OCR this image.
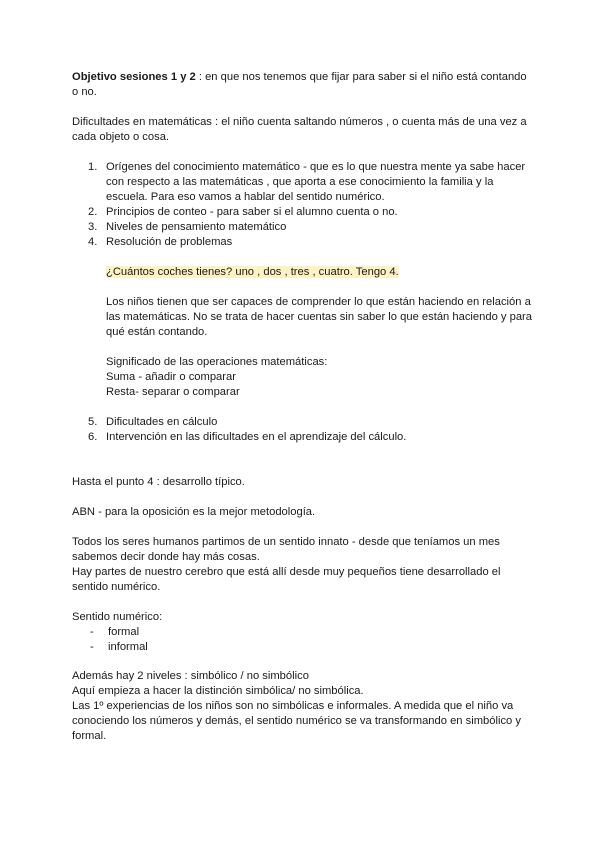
Objetivo sesiones 1 y 2 : en que nos tenemos que fijar para saber si el niño está contando o no.

Dificultades en matemáticas : el niño cuenta saltando números , o cuenta más de una vez a cada objeto o cosa.

1. Orígenes del conocimiento matemático - que es lo que nuestra mente ya sabe hacer con respecto a las matemáticas , que aporta a ese conocimiento la familia y la escuela. Para eso vamos a hablar del sentido numérico.
2. Principios de conteo - para saber si el alumno cuenta o no.
3. Niveles de pensamiento matemático
4. Resolución de problemas

¿Cuántos coches tienes? uno , dos , tres , cuatro. Tengo 4.

Los niños tienen que ser capaces de comprender lo que están haciendo en relación a las matemáticas. No se trata de hacer cuentas sin saber lo que están haciendo y para qué están contando.

Significado de las operaciones matemáticas:

Suma - añadir o comparar

Resta- separar o comparar

5. Dificultades en cálculo
6. Intervención en las dificultades en el aprendizaje del cálculo.

Hasta el punto 4 : desarrollo típico.

ABN - para la oposición es la mejor metodología.

Todos los seres humanos partimos de un sentido innato - desde que teníamos un mes sabemos decir donde hay más cosas.

Hay partes de nuestro cerebro que está allí desde muy pequeños tiene desarrollado el sentido numérico.

Sentido numérico:

- formal
- informal

Además hay 2 niveles : simbólico / no simbólico

Aquí empieza a hacer la distinción simbólica/ no simbólica.

Las 1º experiencias de los niños son no simbólicas e informales. A medida que el niño va conociendo los números y demás, el sentido numérico se va transformando en simbólico y formal.
